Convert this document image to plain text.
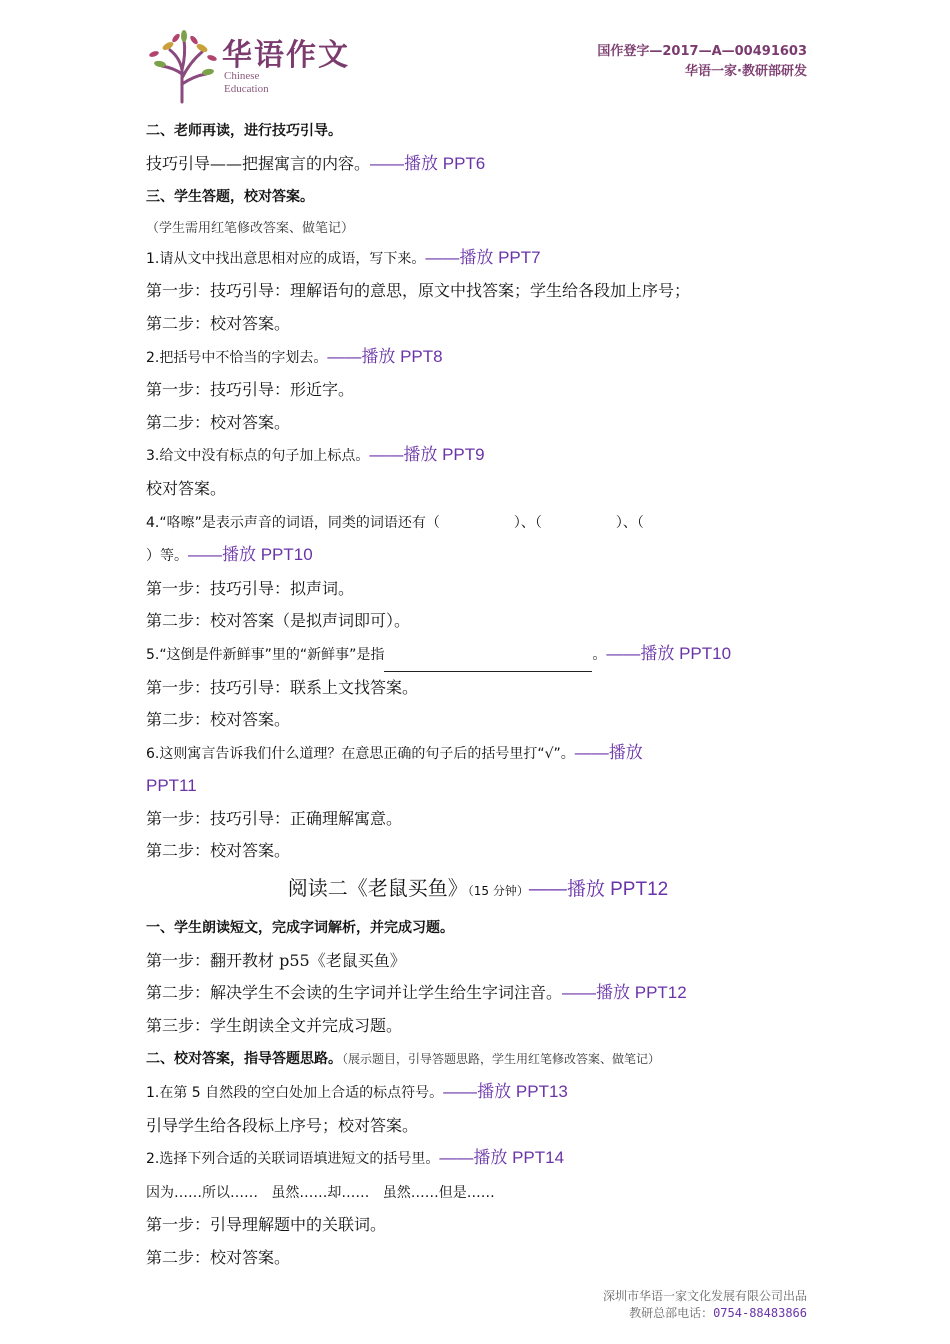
华语作文
Chinese
Education
国作登字—2017—A—00491603
华语一家·教研部研发
二、老师再读，进行技巧引导。
技巧引导——把握寓言的内容。——播放 PPT6
三、学生答题，校对答案。
（学生需用红笔修改答案、做笔记）
1.请从文中找出意思相对应的成语，写下来。——播放 PPT7
第一步：技巧引导：理解语句的意思，原文中找答案；学生给各段加上序号；
第二步：校对答案。
2.把括号中不恰当的字划去。——播放 PPT8
第一步：技巧引导：形近字。
第二步：校对答案。
3.给文中没有标点的句子加上标点。——播放 PPT9
校对答案。
4.“咯嚓”是表示声音的词语，同类的词语还有（	）、（	）、（
）等。——播放 PPT10
第一步：技巧引导：拟声词。
第二步：校对答案（是拟声词即可）。
5.“这倒是件新鲜事”里的“新鲜事”是指	。——播放 PPT10
第一步：技巧引导：联系上文找答案。
第二步：校对答案。
6.这则寓言告诉我们什么道理？在意思正确的句子后的括号里打“√”。——播放
PPT11
第一步：技巧引导：正确理解寓意。
第二步：校对答案。
阅读二《老鼠买鱼》（15 分钟）——播放 PPT12
一、学生朗读短文，完成字词解析，并完成习题。
第一步：翻开教材 p55《老鼠买鱼》
第二步：解决学生不会读的生字词并让学生给生字词注音。——播放 PPT12
第三步：学生朗读全文并完成习题。
二、校对答案，指导答题思路。（展示题目，引导答题思路，学生用红笔修改答案、做笔记）
1.在第 5 自然段的空白处加上合适的标点符号。——播放 PPT13
引导学生给各段标上序号；校对答案。
2.选择下列合适的关联词语填进短文的括号里。——播放 PPT14
因为……所以……   虽然……却……   虽然……但是……
第一步：引导理解题中的关联词。
第二步：校对答案。
深圳市华语一家文化发展有限公司出品
教研总部电话：0754-88483866
